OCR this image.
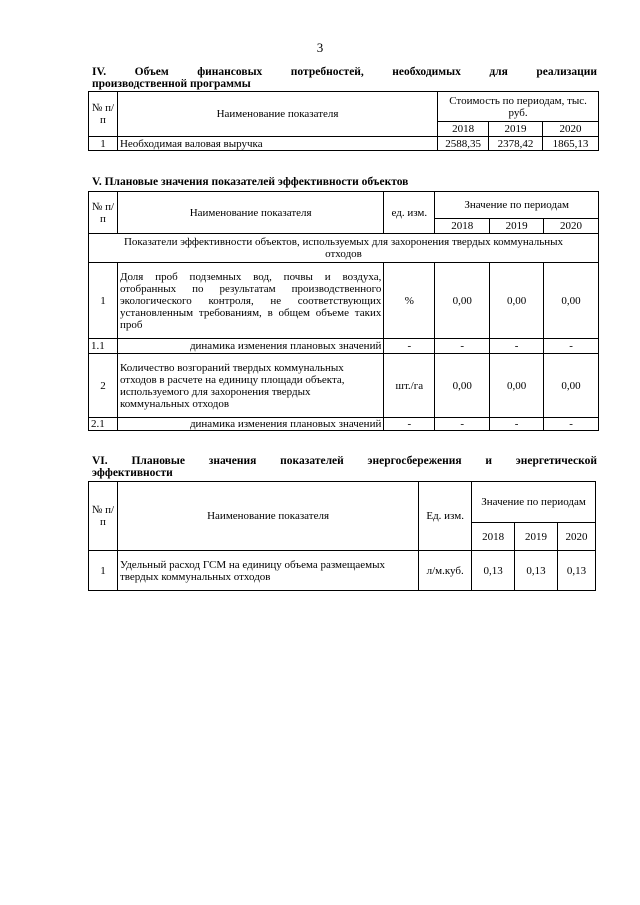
3
IV. Объем финансовых потребностей, необходимых для реализации
производственной программы
№ п/п	Наименование показателя	Стоимость по периодам, тыс. руб.		
		2018	2019	2020
1	Необходимая валовая выручка	2588,35	2378,42	1865,13
V. Плановые значения показателей эффективности объектов
№ п/п	Наименование показателя	ед. изм.	Значение по периодам		
			2018	2019	2020
Показатели эффективности объектов, используемых для захоронения твердых коммунальных отходов					
1	Доля проб подземных вод, почвы и воздуха, отобранных по результатам производственного экологического контроля, не соответствующих установленным требованиям, в общем объеме таких проб	%	0,00	0,00	0,00
1.1	динамика изменения плановых значений	-	-	-	-
2	Количество возгораний твердых коммунальных отходов в расчете на единицу площади объекта, используемого для захоронения твердых коммунальных отходов	шт./га	0,00	0,00	0,00
2.1	динамика изменения плановых значений	-	-	-	-
VI. Плановые значения показателей энергосбережения и энергетической
эффективности
№ п/п	Наименование показателя	Ед. изм.	Значение по периодам		
			2018	2019	2020
1	Удельный расход ГСМ на единицу объема размещаемых твердых коммунальных отходов	л/м.куб.	0,13	0,13	0,13
